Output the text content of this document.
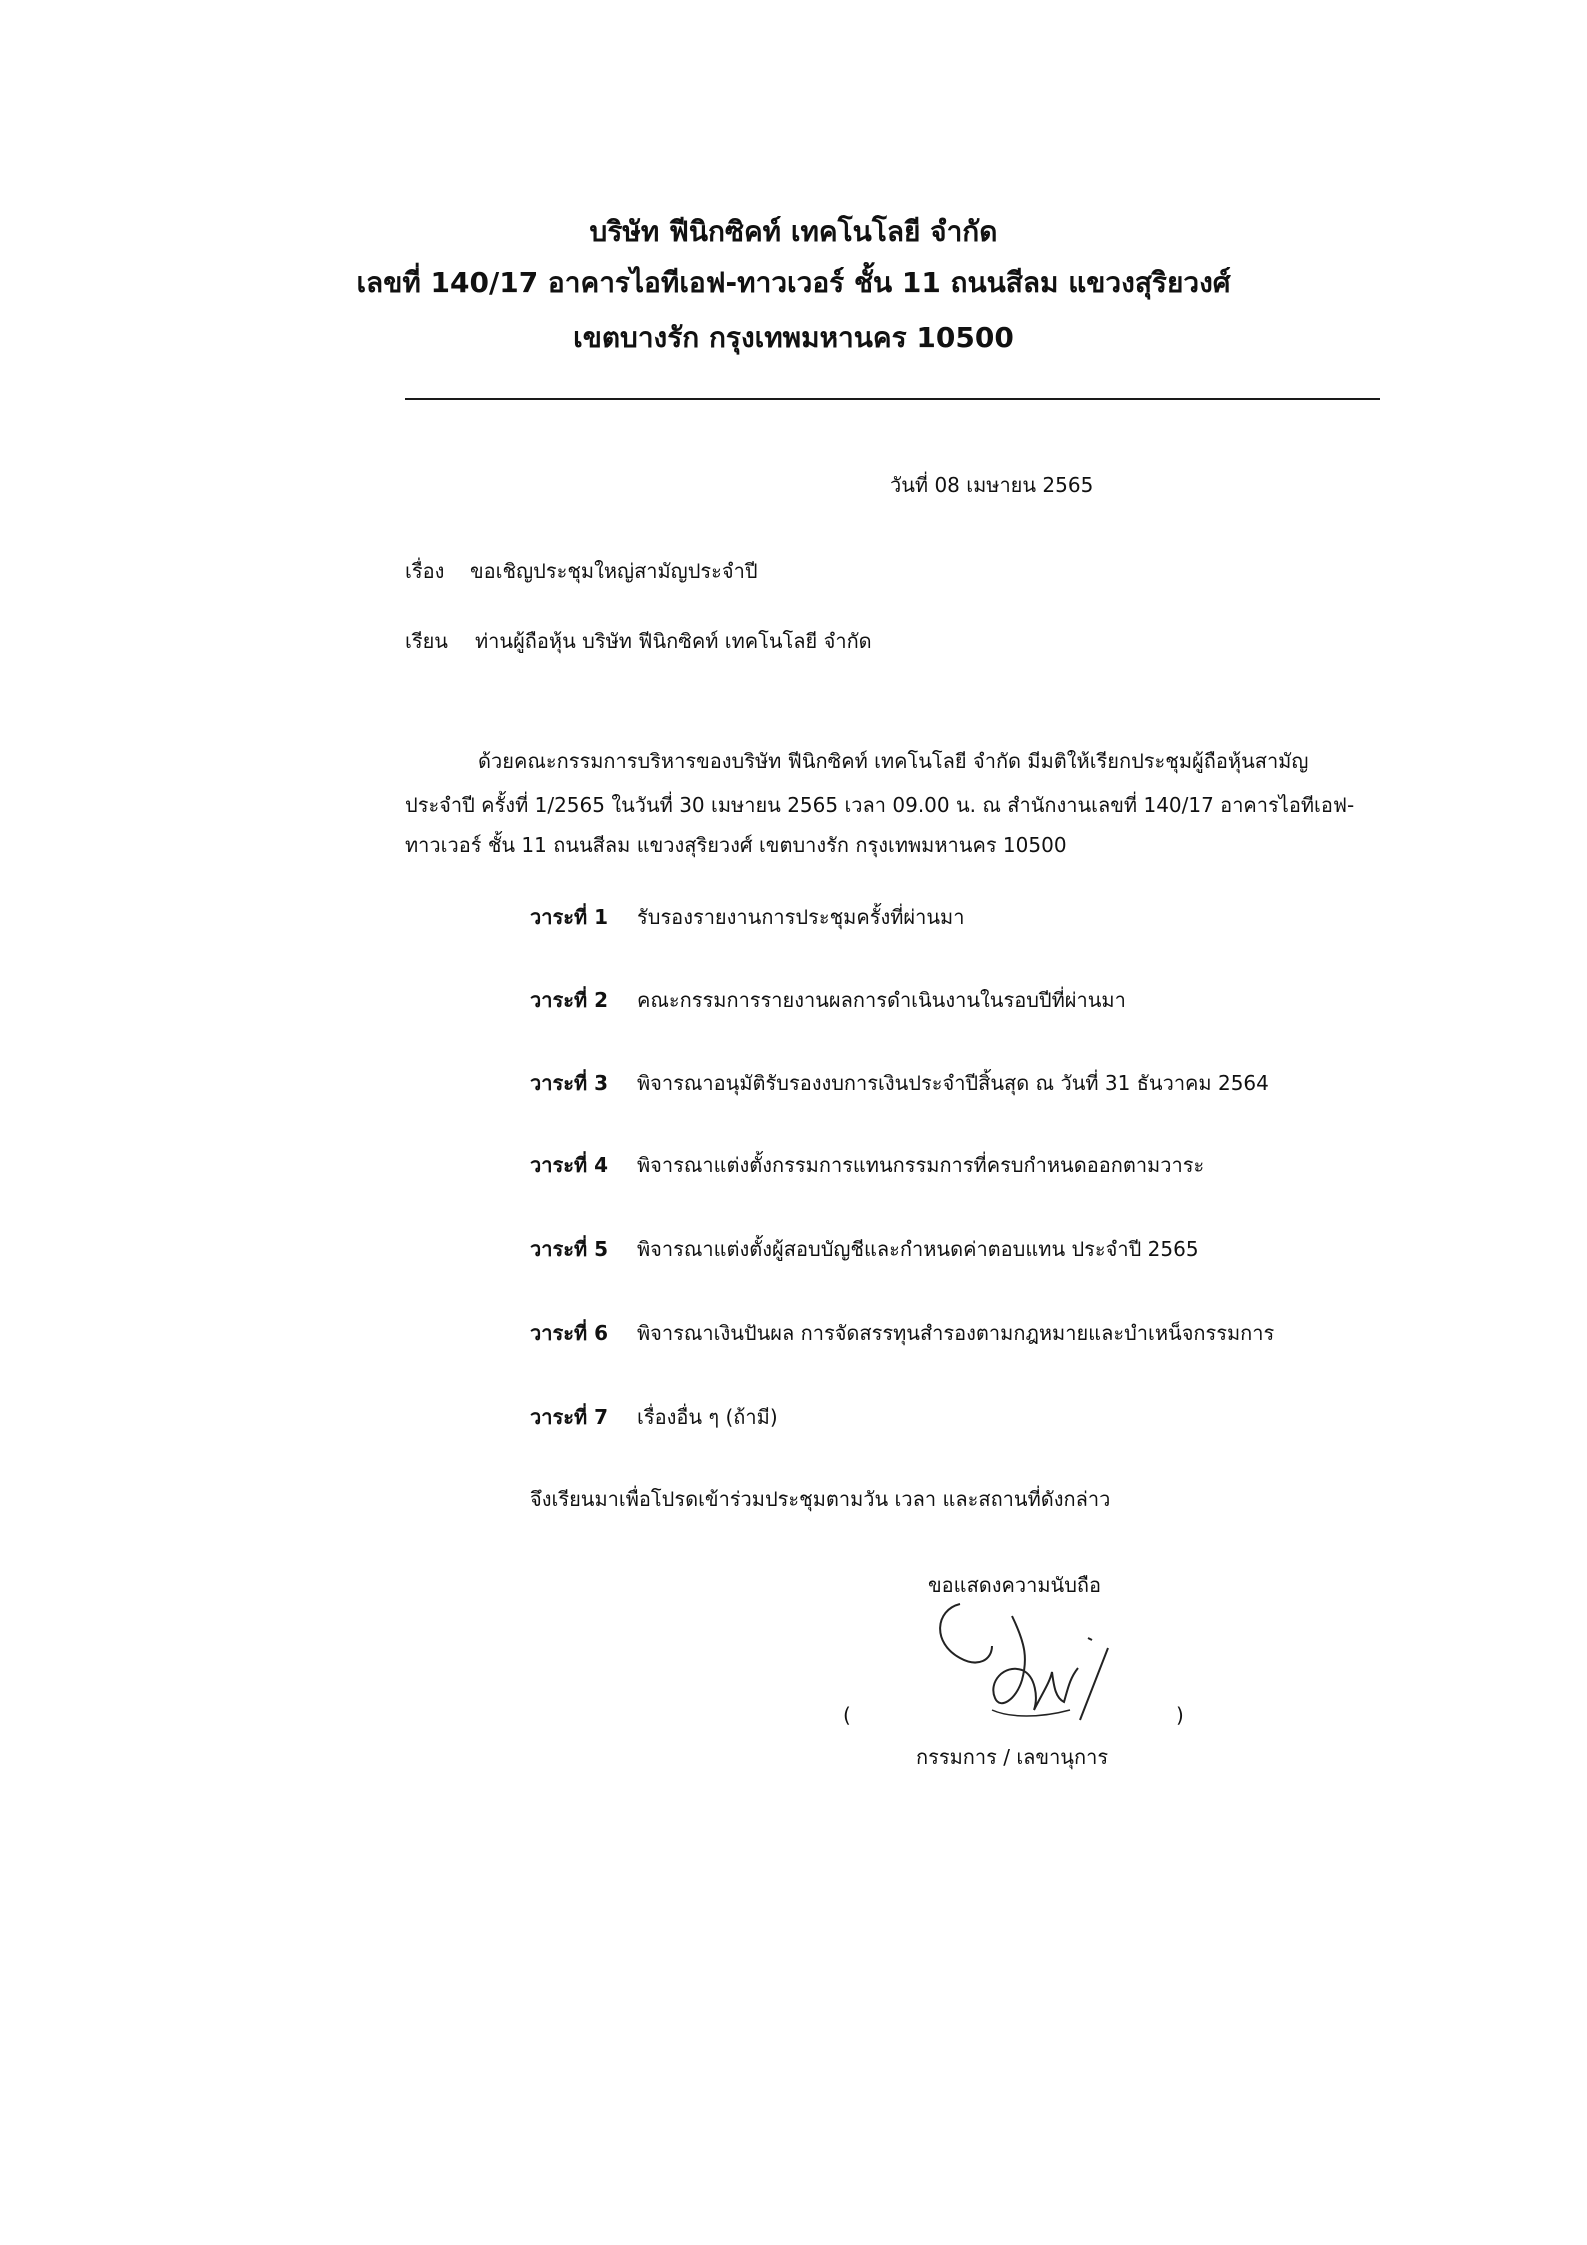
บริษัท ฟีนิกซิคท์ เทคโนโลยี จำกัด
เลขที่ 140/17 อาคารไอทีเอฟ-ทาวเวอร์ ชั้น 11 ถนนสีลม แขวงสุริยวงศ์
เขตบางรัก กรุงเทพมหานคร 10500
วันที่ 08 เมษายน 2565
เรื่อง ขอเชิญประชุมใหญ่สามัญประจำปี
เรียน ท่านผู้ถือหุ้น บริษัท ฟีนิกซิคท์ เทคโนโลยี จำกัด
ด้วยคณะกรรมการบริหารของบริษัท ฟีนิกซิคท์ เทคโนโลยี จำกัด มีมติให้เรียกประชุมผู้ถือหุ้นสามัญ
ประจำปี ครั้งที่ 1/2565 ในวันที่ 30 เมษายน 2565 เวลา 09.00 น. ณ สำนักงานเลขที่ 140/17 อาคารไอทีเอฟ-
ทาวเวอร์ ชั้น 11 ถนนสีลม แขวงสุริยวงศ์ เขตบางรัก กรุงเทพมหานคร 10500
วาระที่ 1 รับรองรายงานการประชุมครั้งที่ผ่านมา
วาระที่ 2 คณะกรรมการรายงานผลการดำเนินงานในรอบปีที่ผ่านมา
วาระที่ 3 พิจารณาอนุมัติรับรองงบการเงินประจำปีสิ้นสุด ณ วันที่ 31 ธันวาคม 2564
วาระที่ 4 พิจารณาแต่งตั้งกรรมการแทนกรรมการที่ครบกำหนดออกตามวาระ
วาระที่ 5 พิจารณาแต่งตั้งผู้สอบบัญชีและกำหนดค่าตอบแทน ประจำปี 2565
วาระที่ 6 พิจารณาเงินปันผล การจัดสรรทุนสำรองตามกฎหมายและบำเหน็จกรรมการ
วาระที่ 7 เรื่องอื่น ๆ (ถ้ามี)
จึงเรียนมาเพื่อโปรดเข้าร่วมประชุมตามวัน เวลา และสถานที่ดังกล่าว
ขอแสดงความนับถือ
(	)
กรรมการ / เลขานุการ
